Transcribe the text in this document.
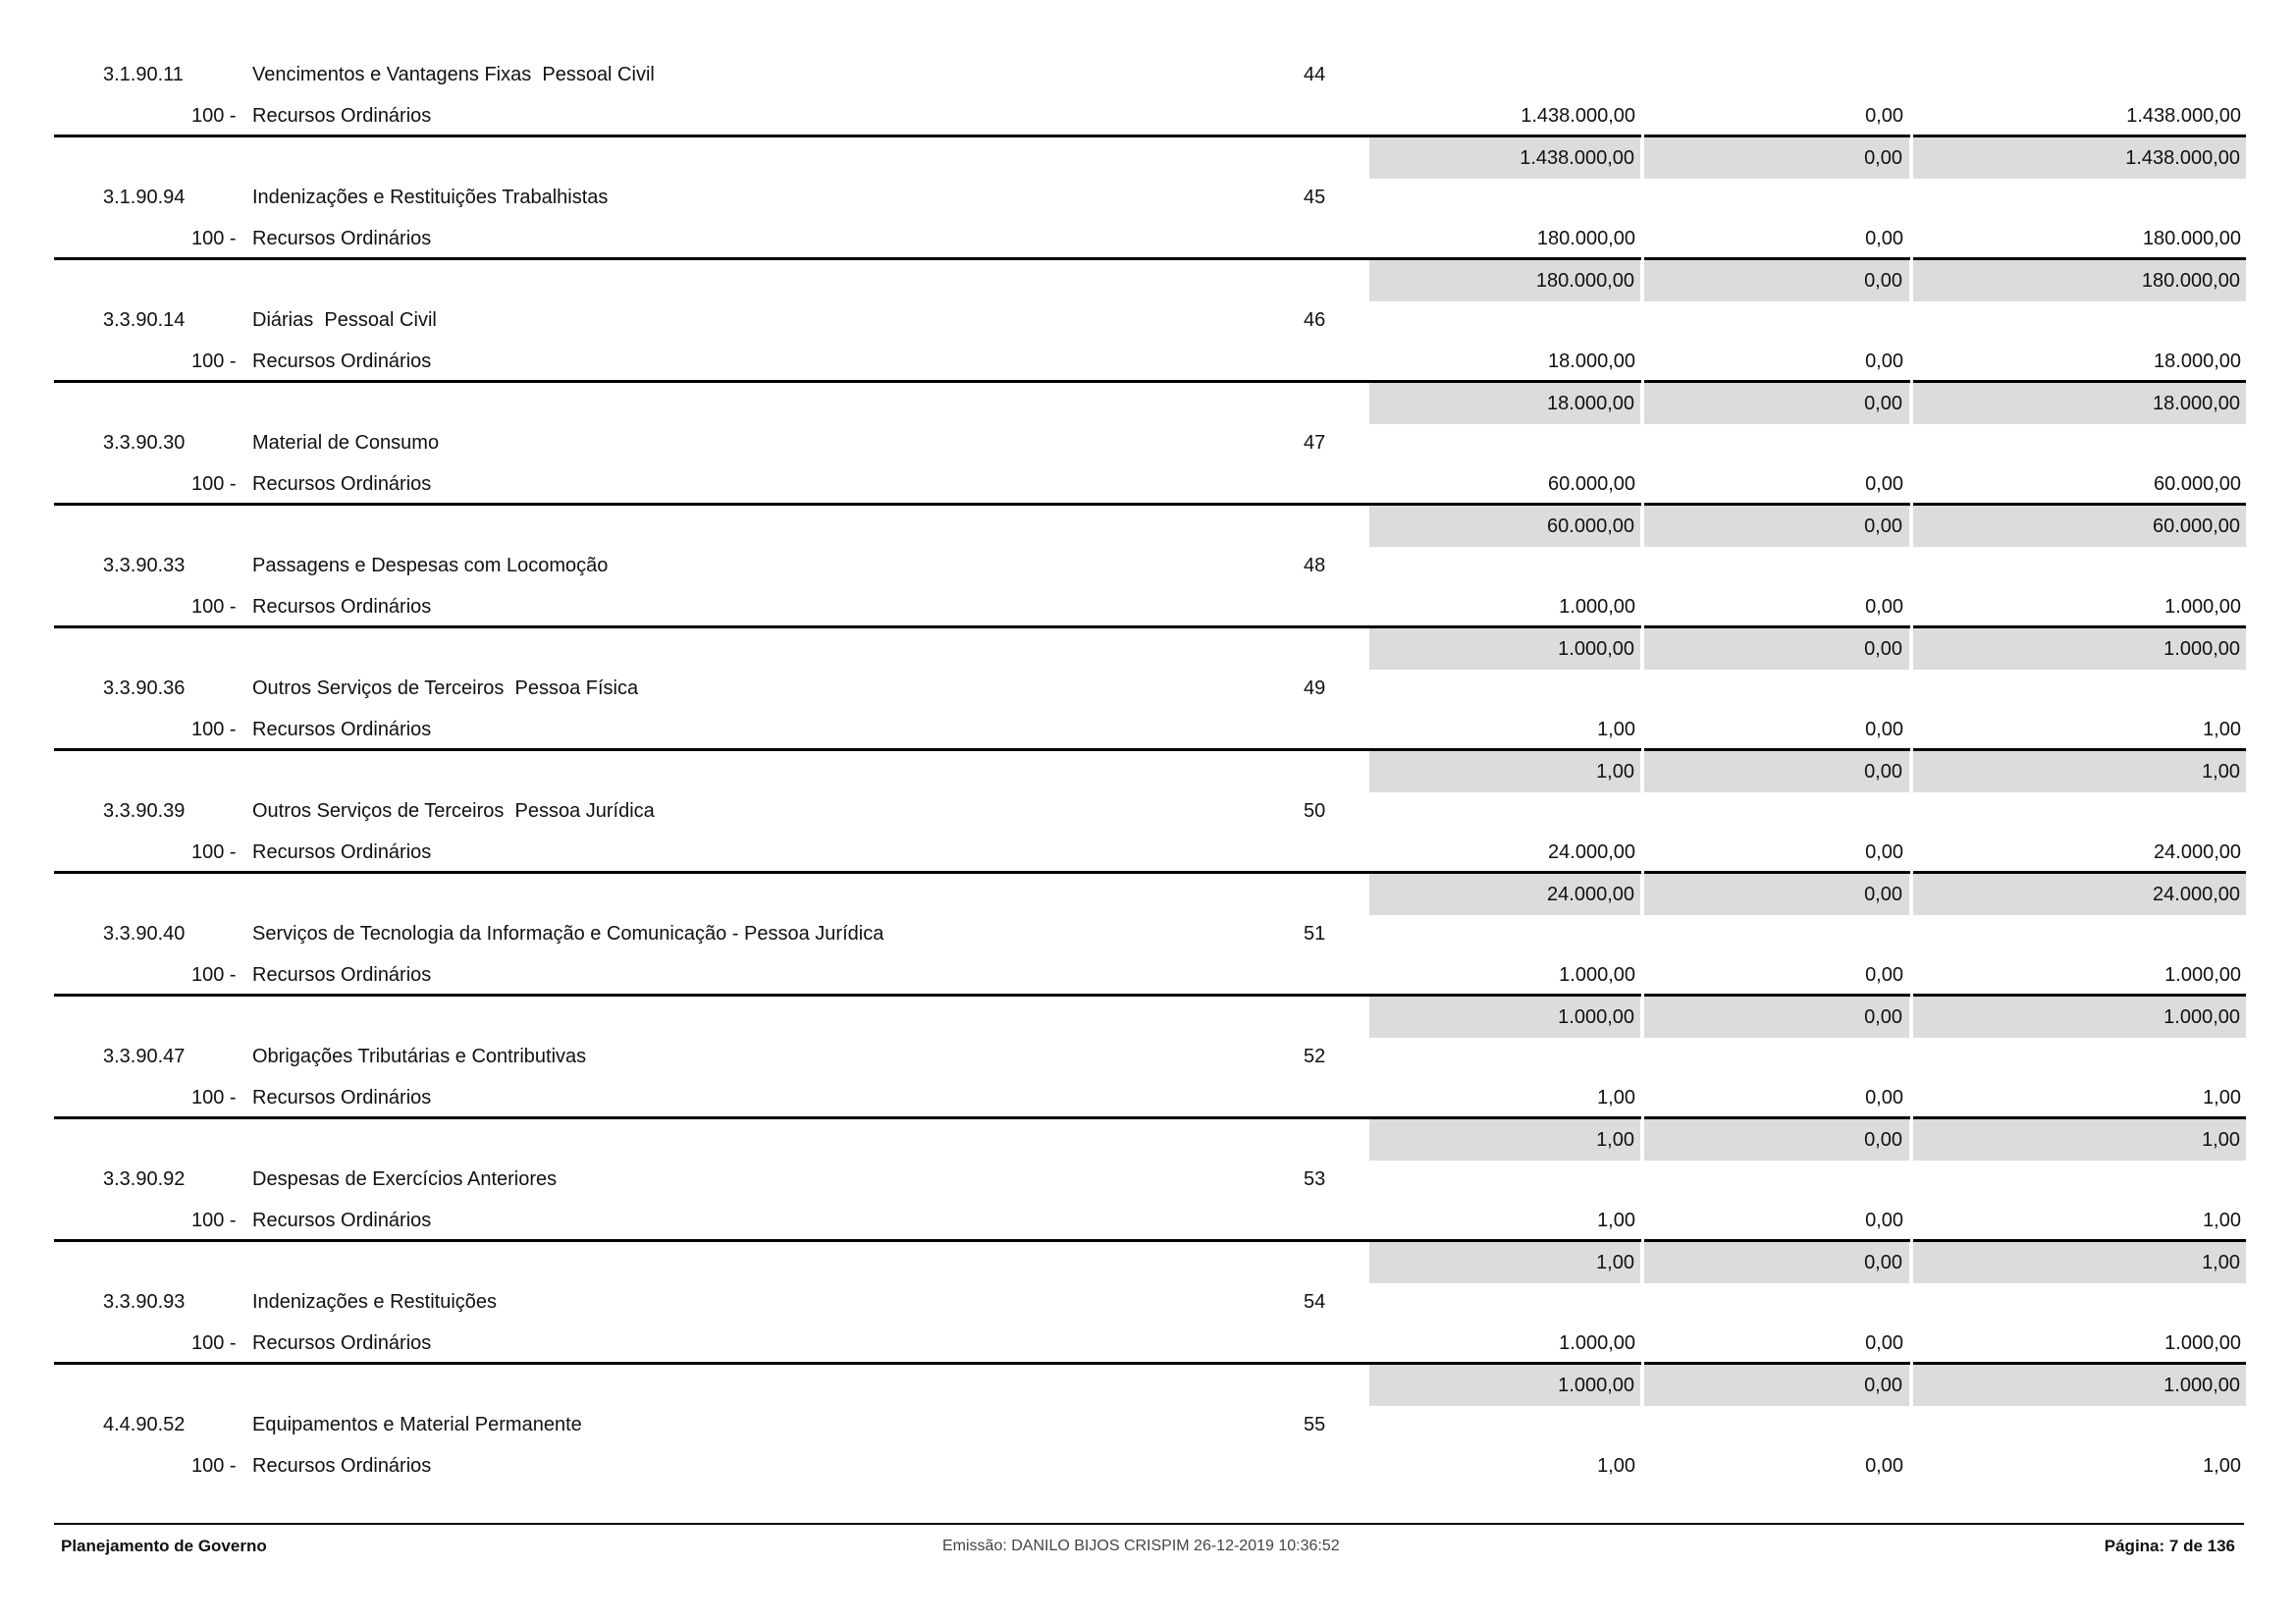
3.1.90.11	Vencimentos e Vantagens Fixas  Pessoal Civil	44
100 - Recursos Ordinários	1.438.000,00	0,00	1.438.000,00
1.438.000,00	0,00	1.438.000,00
3.1.90.94	Indenizações e Restituições Trabalhistas	45
100 - Recursos Ordinários	180.000,00	0,00	180.000,00
180.000,00	0,00	180.000,00
3.3.90.14	Diárias  Pessoal Civil	46
100 - Recursos Ordinários	18.000,00	0,00	18.000,00
18.000,00	0,00	18.000,00
3.3.90.30	Material de Consumo	47
100 - Recursos Ordinários	60.000,00	0,00	60.000,00
60.000,00	0,00	60.000,00
3.3.90.33	Passagens e Despesas com Locomoção	48
100 - Recursos Ordinários	1.000,00	0,00	1.000,00
1.000,00	0,00	1.000,00
3.3.90.36	Outros Serviços de Terceiros  Pessoa Física	49
100 - Recursos Ordinários	1,00	0,00	1,00
1,00	0,00	1,00
3.3.90.39	Outros Serviços de Terceiros  Pessoa Jurídica	50
100 - Recursos Ordinários	24.000,00	0,00	24.000,00
24.000,00	0,00	24.000,00
3.3.90.40	Serviços de Tecnologia da Informação e Comunicação - Pessoa Jurídica	51
100 - Recursos Ordinários	1.000,00	0,00	1.000,00
1.000,00	0,00	1.000,00
3.3.90.47	Obrigações Tributárias e Contributivas	52
100 - Recursos Ordinários	1,00	0,00	1,00
1,00	0,00	1,00
3.3.90.92	Despesas de Exercícios Anteriores	53
100 - Recursos Ordinários	1,00	0,00	1,00
1,00	0,00	1,00
3.3.90.93	Indenizações e Restituições	54
100 - Recursos Ordinários	1.000,00	0,00	1.000,00
1.000,00	0,00	1.000,00
4.4.90.52	Equipamentos e Material Permanente	55
100 - Recursos Ordinários	1,00	0,00	1,00
Planejamento de Governo	Emissão: DANILO BIJOS CRISPIM 26-12-2019 10:36:52	Página: 7 de 136
